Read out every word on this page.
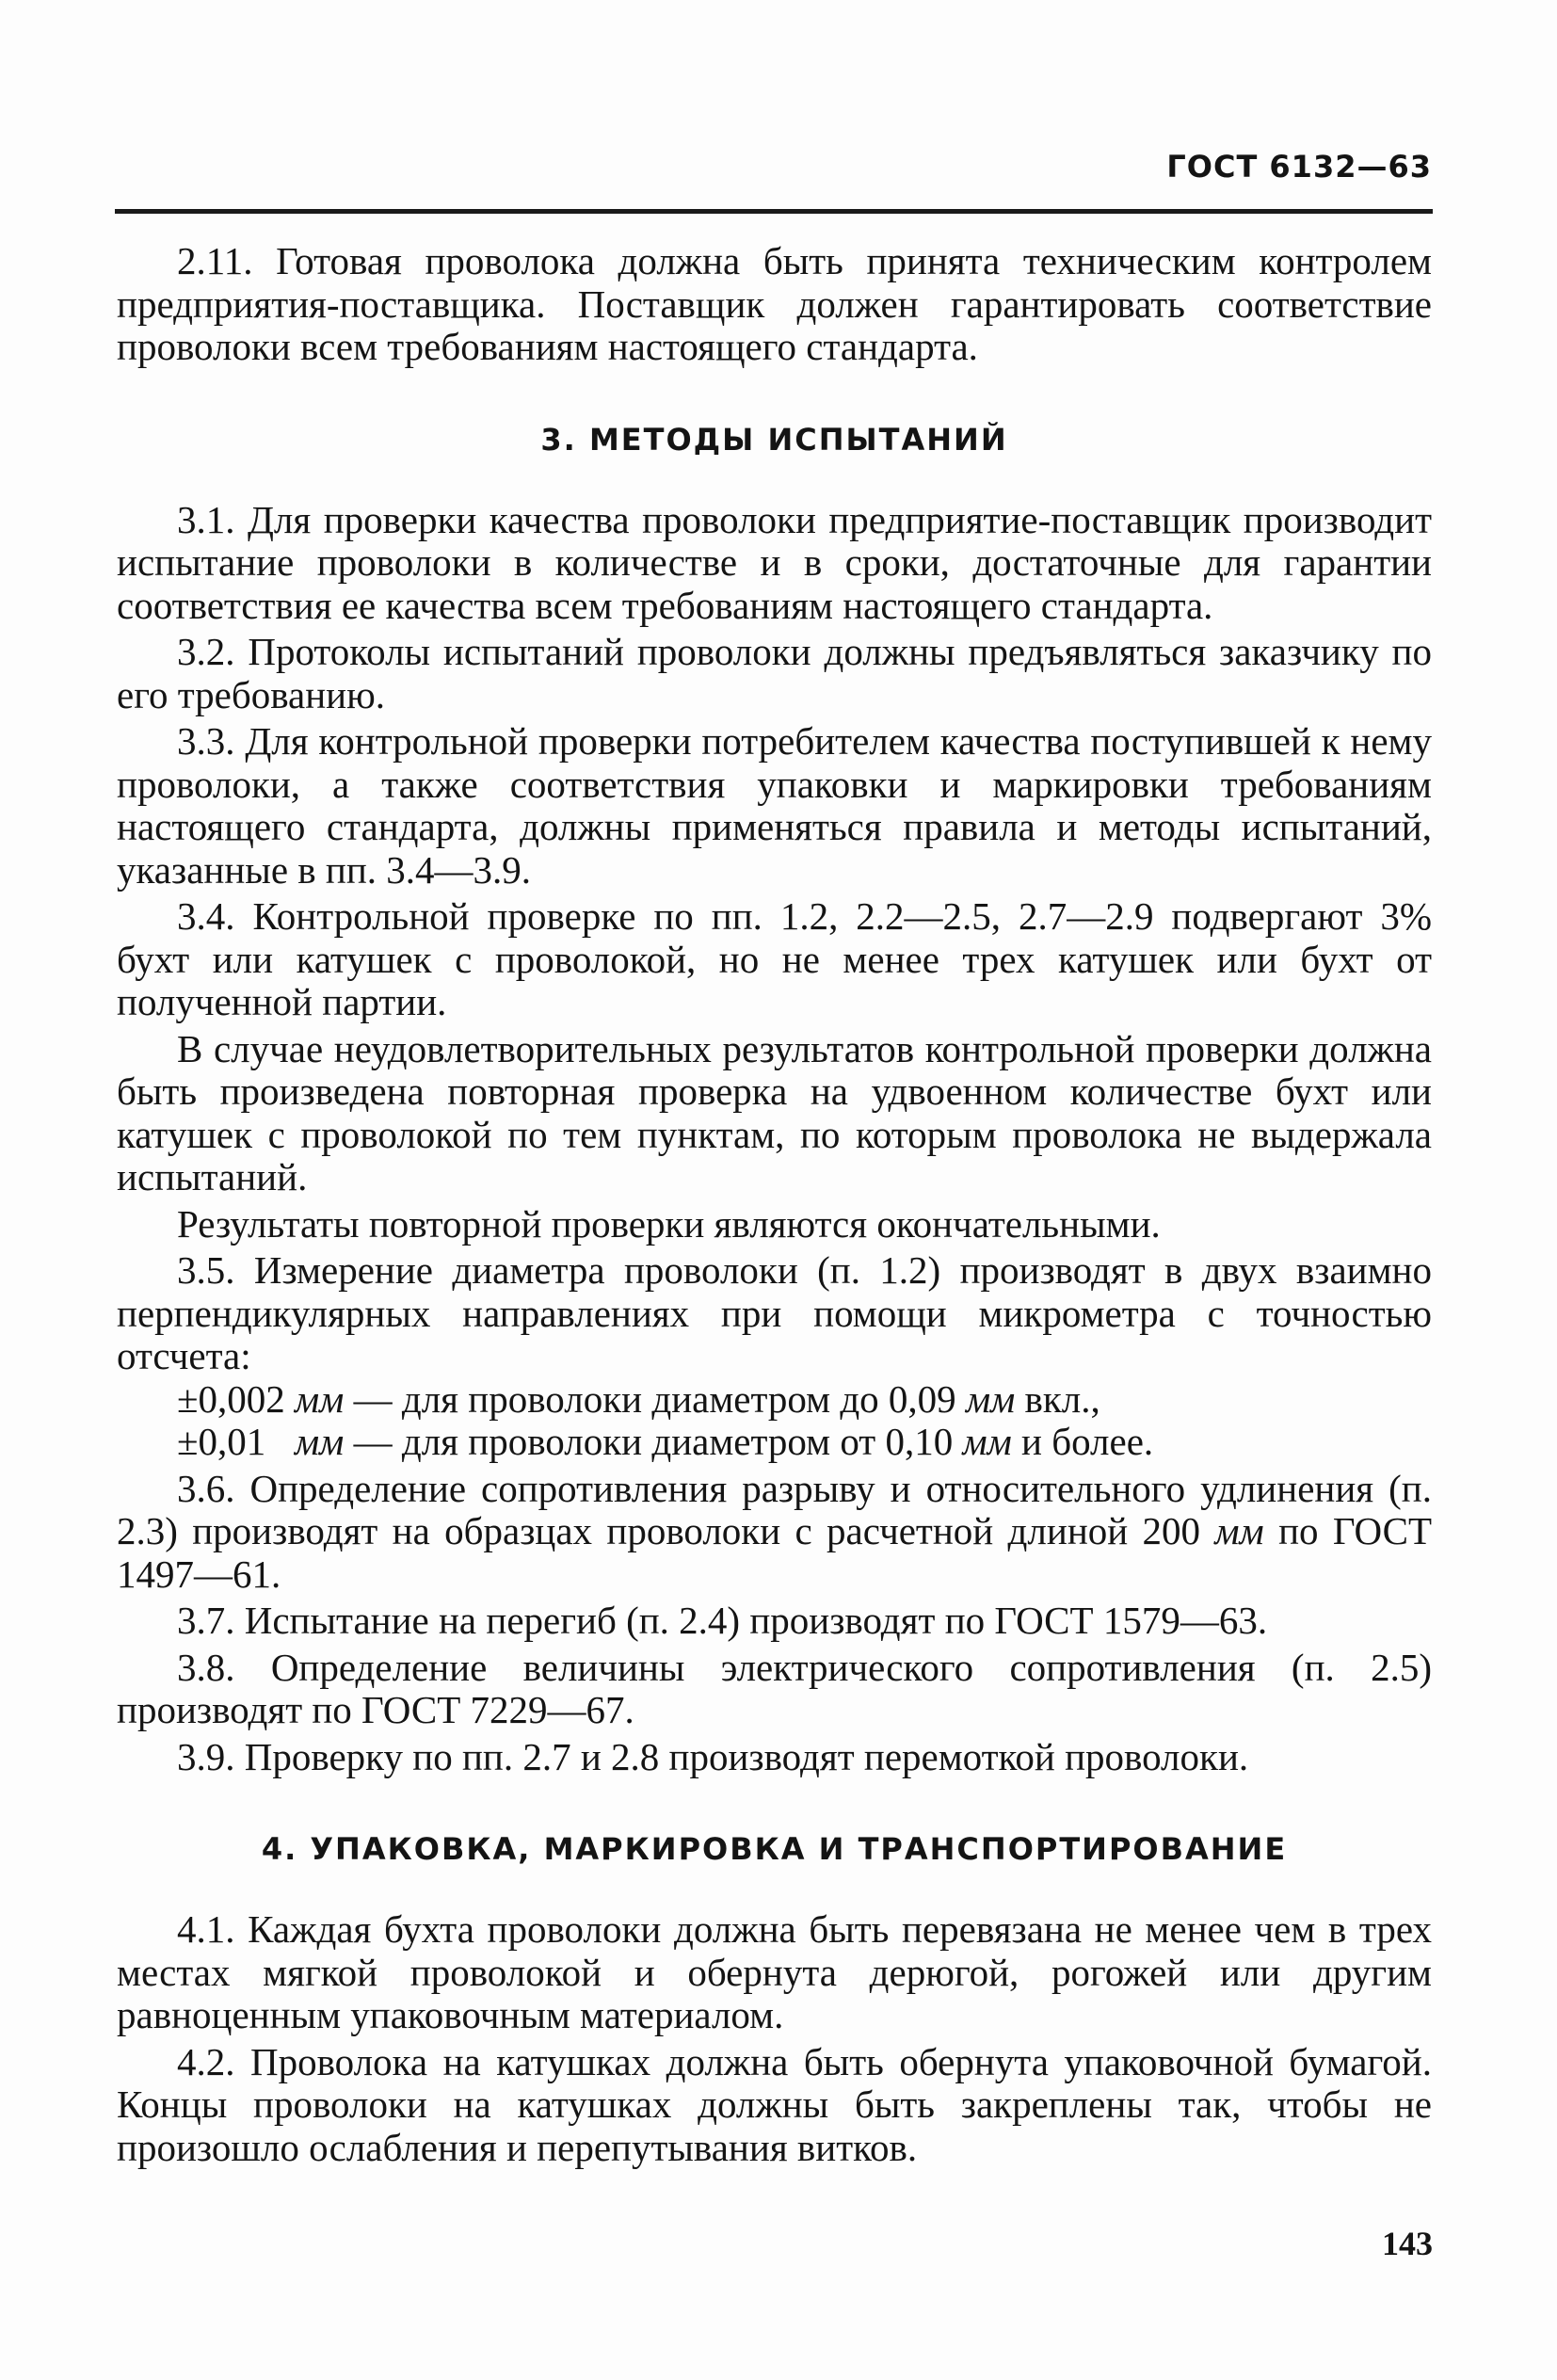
ГОСТ 6132—63

2.11. Готовая проволока должна быть принята техническим контролем предприятия-поставщика. Поставщик должен гарантировать соответствие проволоки всем требованиям настоящего стандарта.

3. МЕТОДЫ ИСПЫТАНИЙ

3.1. Для проверки качества проволоки предприятие-поставщик производит испытание проволоки в количестве и в сроки, достаточные для гарантии соответствия ее качества всем требованиям настоящего стандарта.

3.2. Протоколы испытаний проволоки должны предъявляться заказчику по его требованию.

3.3. Для контрольной проверки потребителем качества поступившей к нему проволоки, а также соответствия упаковки и маркировки требованиям настоящего стандарта, должны применяться правила и методы испытаний, указанные в пп. 3.4—3.9.

3.4. Контрольной проверке по пп. 1.2, 2.2—2.5, 2.7—2.9 подвергают 3% бухт или катушек с проволокой, но не менее трех катушек или бухт от полученной партии.

В случае неудовлетворительных результатов контрольной проверки должна быть произведена повторная проверка на удвоенном количестве бухт или катушек с проволокой по тем пунктам, по которым проволока не выдержала испытаний.

Результаты повторной проверки являются окончательными.

3.5. Измерение диаметра проволоки (п. 1.2) производят в двух взаимно перпендикулярных направлениях при помощи микрометра с точностью отсчета:

±0,002 мм — для проволоки диаметром до 0,09 мм вкл.,

±0,01 мм — для проволоки диаметром от 0,10 мм и более.

3.6. Определение сопротивления разрыву и относительного удлинения (п. 2.3) производят на образцах проволоки с расчетной длиной 200 мм по ГОСТ 1497—61.

3.7. Испытание на перегиб (п. 2.4) производят по ГОСТ 1579—63.

3.8. Определение величины электрического сопротивления (п. 2.5) производят по ГОСТ 7229—67.

3.9. Проверку по пп. 2.7 и 2.8 производят перемоткой проволоки.

4. УПАКОВКА, МАРКИРОВКА И ТРАНСПОРТИРОВАНИЕ

4.1. Каждая бухта проволоки должна быть перевязана не менее чем в трех местах мягкой проволокой и обернута дерюгой, рогожей или другим равноценным упаковочным материалом.

4.2. Проволока на катушках должна быть обернута упаковочной бумагой. Концы проволоки на катушках должны быть закреплены так, чтобы не произошло ослабления и перепутывания витков.

143
